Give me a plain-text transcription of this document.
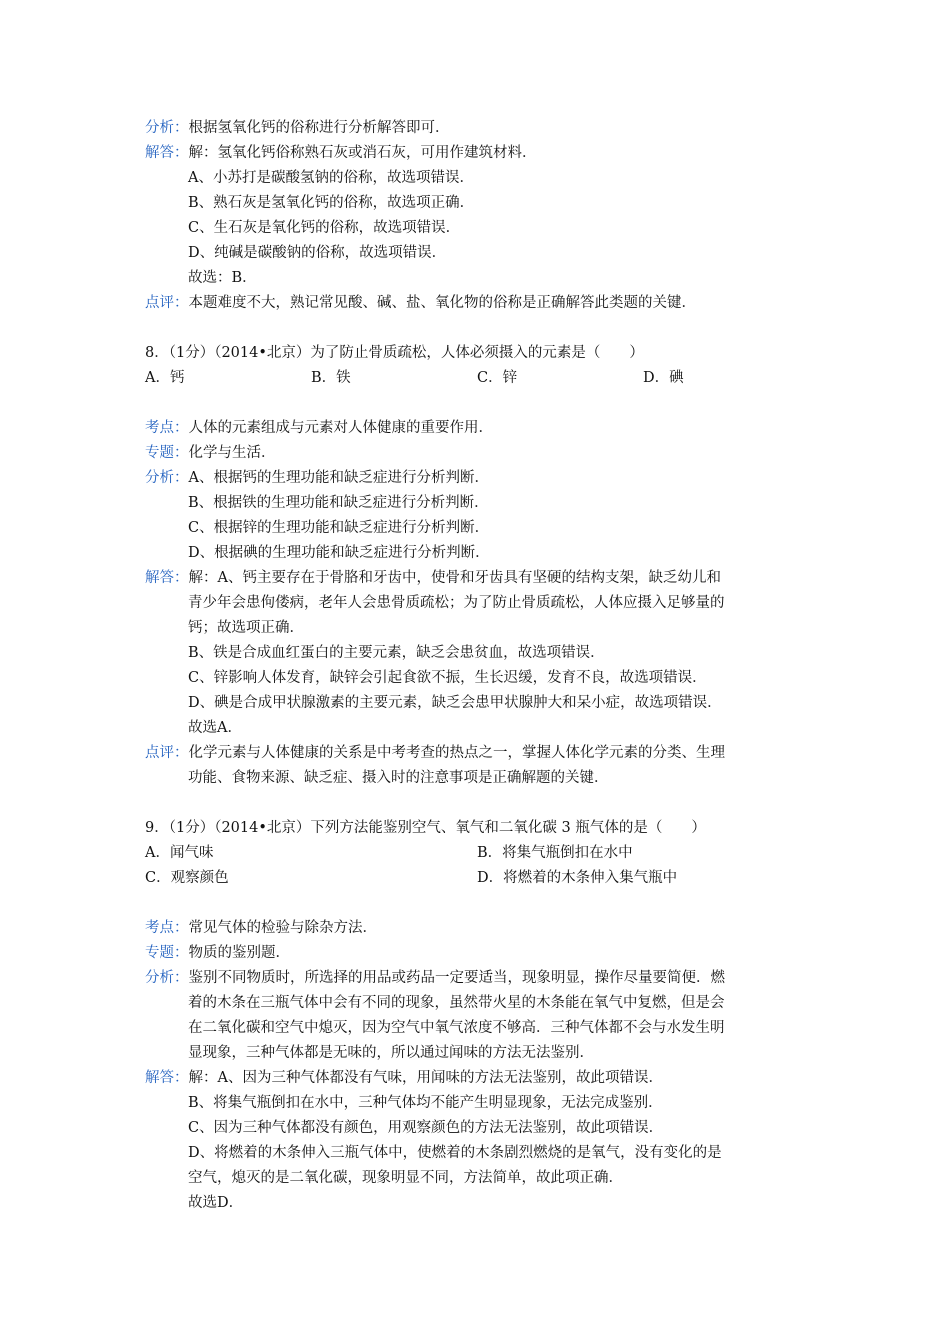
分析： 根据氢氧化钙的俗称进行分析解答即可．
解答： 解：氢氧化钙俗称熟石灰或消石灰，可用作建筑材料．
A、小苏打是碳酸氢钠的俗称，故选项错误．
B、熟石灰是氢氧化钙的俗称，故选项正确．
C、生石灰是氧化钙的俗称，故选项错误．
D、纯碱是碳酸钠的俗称，故选项错误．
故选：B．
点评： 本题难度不大，熟记常见酸、碱、盐、氧化物的俗称是正确解答此类题的关键．
8．（1分）（2014•北京）为了防止骨质疏松，人体必须摄入的元素是（　　）
A．钙	B．铁	C．锌	D．碘
考点： 人体的元素组成与元素对人体健康的重要作用．
专题： 化学与生活．
分析： A、根据钙的生理功能和缺乏症进行分析判断．
B、根据铁的生理功能和缺乏症进行分析判断．
C、根据锌的生理功能和缺乏症进行分析判断．
D、根据碘的生理功能和缺乏症进行分析判断．
解答： 解：A、钙主要存在于骨胳和牙齿中，使骨和牙齿具有坚硬的结构支架，缺乏幼儿和
青少年会患佝偻病，老年人会患骨质疏松；为了防止骨质疏松，人体应摄入足够量的
钙；故选项正确．
B、铁是合成血红蛋白的主要元素，缺乏会患贫血，故选项错误．
C、锌影响人体发育，缺锌会引起食欲不振，生长迟缓，发育不良，故选项错误．
D、碘是合成甲状腺激素的主要元素，缺乏会患甲状腺肿大和呆小症，故选项错误．
故选A．
点评： 化学元素与人体健康的关系是中考考查的热点之一，掌握人体化学元素的分类、生理
功能、食物来源、缺乏症、摄入时的注意事项是正确解题的关键．
9．（1分）（2014•北京）下列方法能鉴别空气、氧气和二氧化碳 3 瓶气体的是（　　）
A．闻气味	B．将集气瓶倒扣在水中
C．观察颜色	D．将燃着的木条伸入集气瓶中
考点： 常见气体的检验与除杂方法．
专题： 物质的鉴别题．
分析： 鉴别不同物质时，所选择的用品或药品一定要适当，现象明显，操作尽量要简便．燃
着的木条在三瓶气体中会有不同的现象，虽然带火星的木条能在氧气中复燃，但是会
在二氧化碳和空气中熄灭，因为空气中氧气浓度不够高．三种气体都不会与水发生明
显现象，三种气体都是无味的，所以通过闻味的方法无法鉴别．
解答： 解：A、因为三种气体都没有气味，用闻味的方法无法鉴别，故此项错误．
B、将集气瓶倒扣在水中，三种气体均不能产生明显现象，无法完成鉴别．
C、因为三种气体都没有颜色，用观察颜色的方法无法鉴别，故此项错误．
D、将燃着的木条伸入三瓶气体中，使燃着的木条剧烈燃烧的是氧气，没有变化的是
空气，熄灭的是二氧化碳，现象明显不同，方法简单，故此项正确．
故选D．
